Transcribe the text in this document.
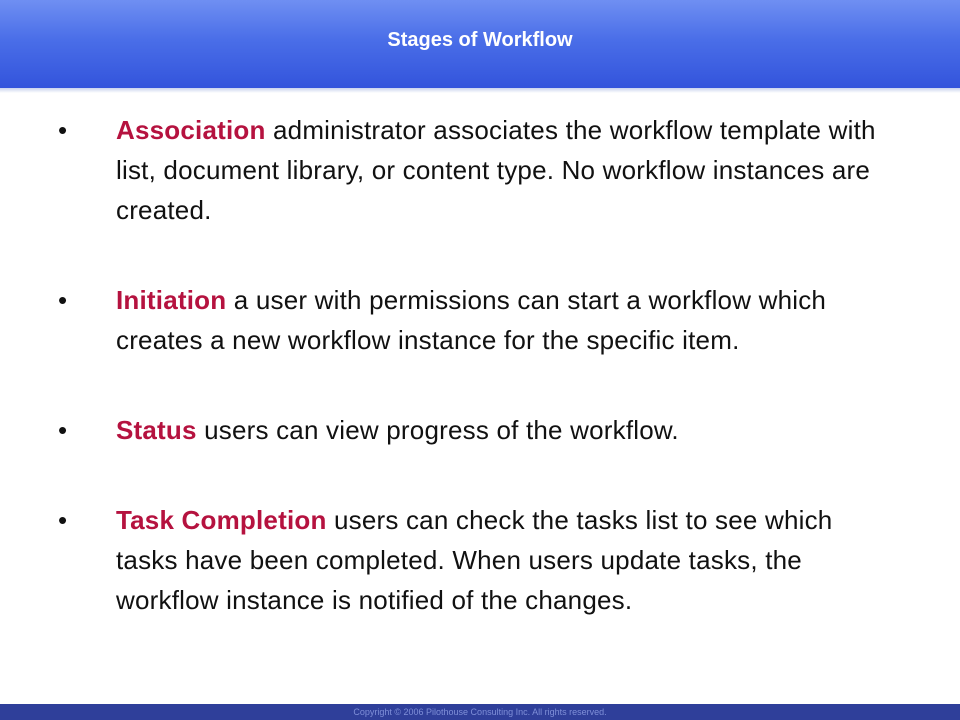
Stages of Workflow
• Association administrator associates the workflow template with list, document library, or content type. No workflow instances are created.
• Initiation a user with permissions can start a workflow which creates a new workflow instance for the specific item.
• Status users can view progress of the workflow.
• Task Completion users can check the tasks list to see which tasks have been completed. When users update tasks, the workflow instance is notified of the changes.
Copyright © 2006 Pilothouse Consulting Inc. All rights reserved.
